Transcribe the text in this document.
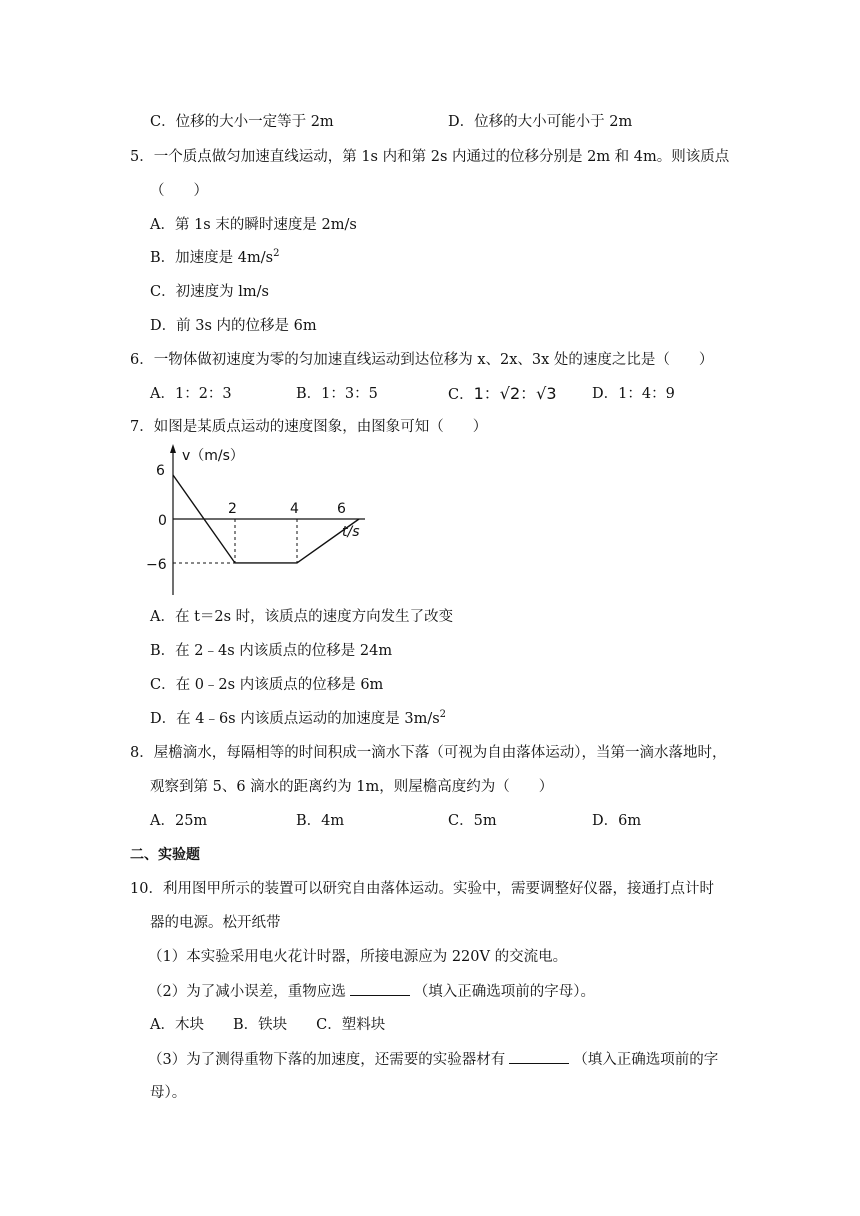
C．位移的大小一定等于 2m	D．位移的大小可能小于 2m
5．一个质点做匀加速直线运动，第 1s 内和第 2s 内通过的位移分别是 2m 和 4m。则该质点
（　　）
A．第 1s 末的瞬时速度是 2m/s
B．加速度是 $4m/s^2$
C．初速度为 lm/s
D．前 3s 内的位移是 6m
6．一物体做初速度为零的匀加速直线运动到达位移为 x、2x、3x 处的速度之比是（　　）
A．1：2：3	B．1：3：5	C．1：√2：√3 D．1：4：9
7．如图是某质点运动的速度图象，由图象可知（　　）
v（m/s）
6
0
−6
2	4	6
t/s
A．在 t＝2s 时，该质点的速度方向发生了改变
B．在 2﹣4s 内该质点的位移是 24m
C．在 0﹣2s 内该质点的位移是 6m
D．在 4﹣6s 内该质点运动的加速度是 $3m/s^2$
8．屋檐滴水，每隔相等的时间积成一滴水下落（可视为自由落体运动），当第一滴水落地时，
观察到第 5、6 滴水的距离约为 1m，则屋檐高度约为（　　）
A．25m	B．4m	C．5m	D．6m
二、实验题
10．利用图甲所示的装置可以研究自由落体运动。实验中，需要调整好仪器，接通打点计时
器的电源。松开纸带
（1）本实验采用电火花计时器，所接电源应为 220V 的交流电。
（2）为了减小误差，重物应选	（填入正确选项前的字母）。
A．木块　　B．铁块　　C．塑料块
（3）为了测得重物下落的加速度，还需要的实验器材有	（填入正确选项前的字
母）。
